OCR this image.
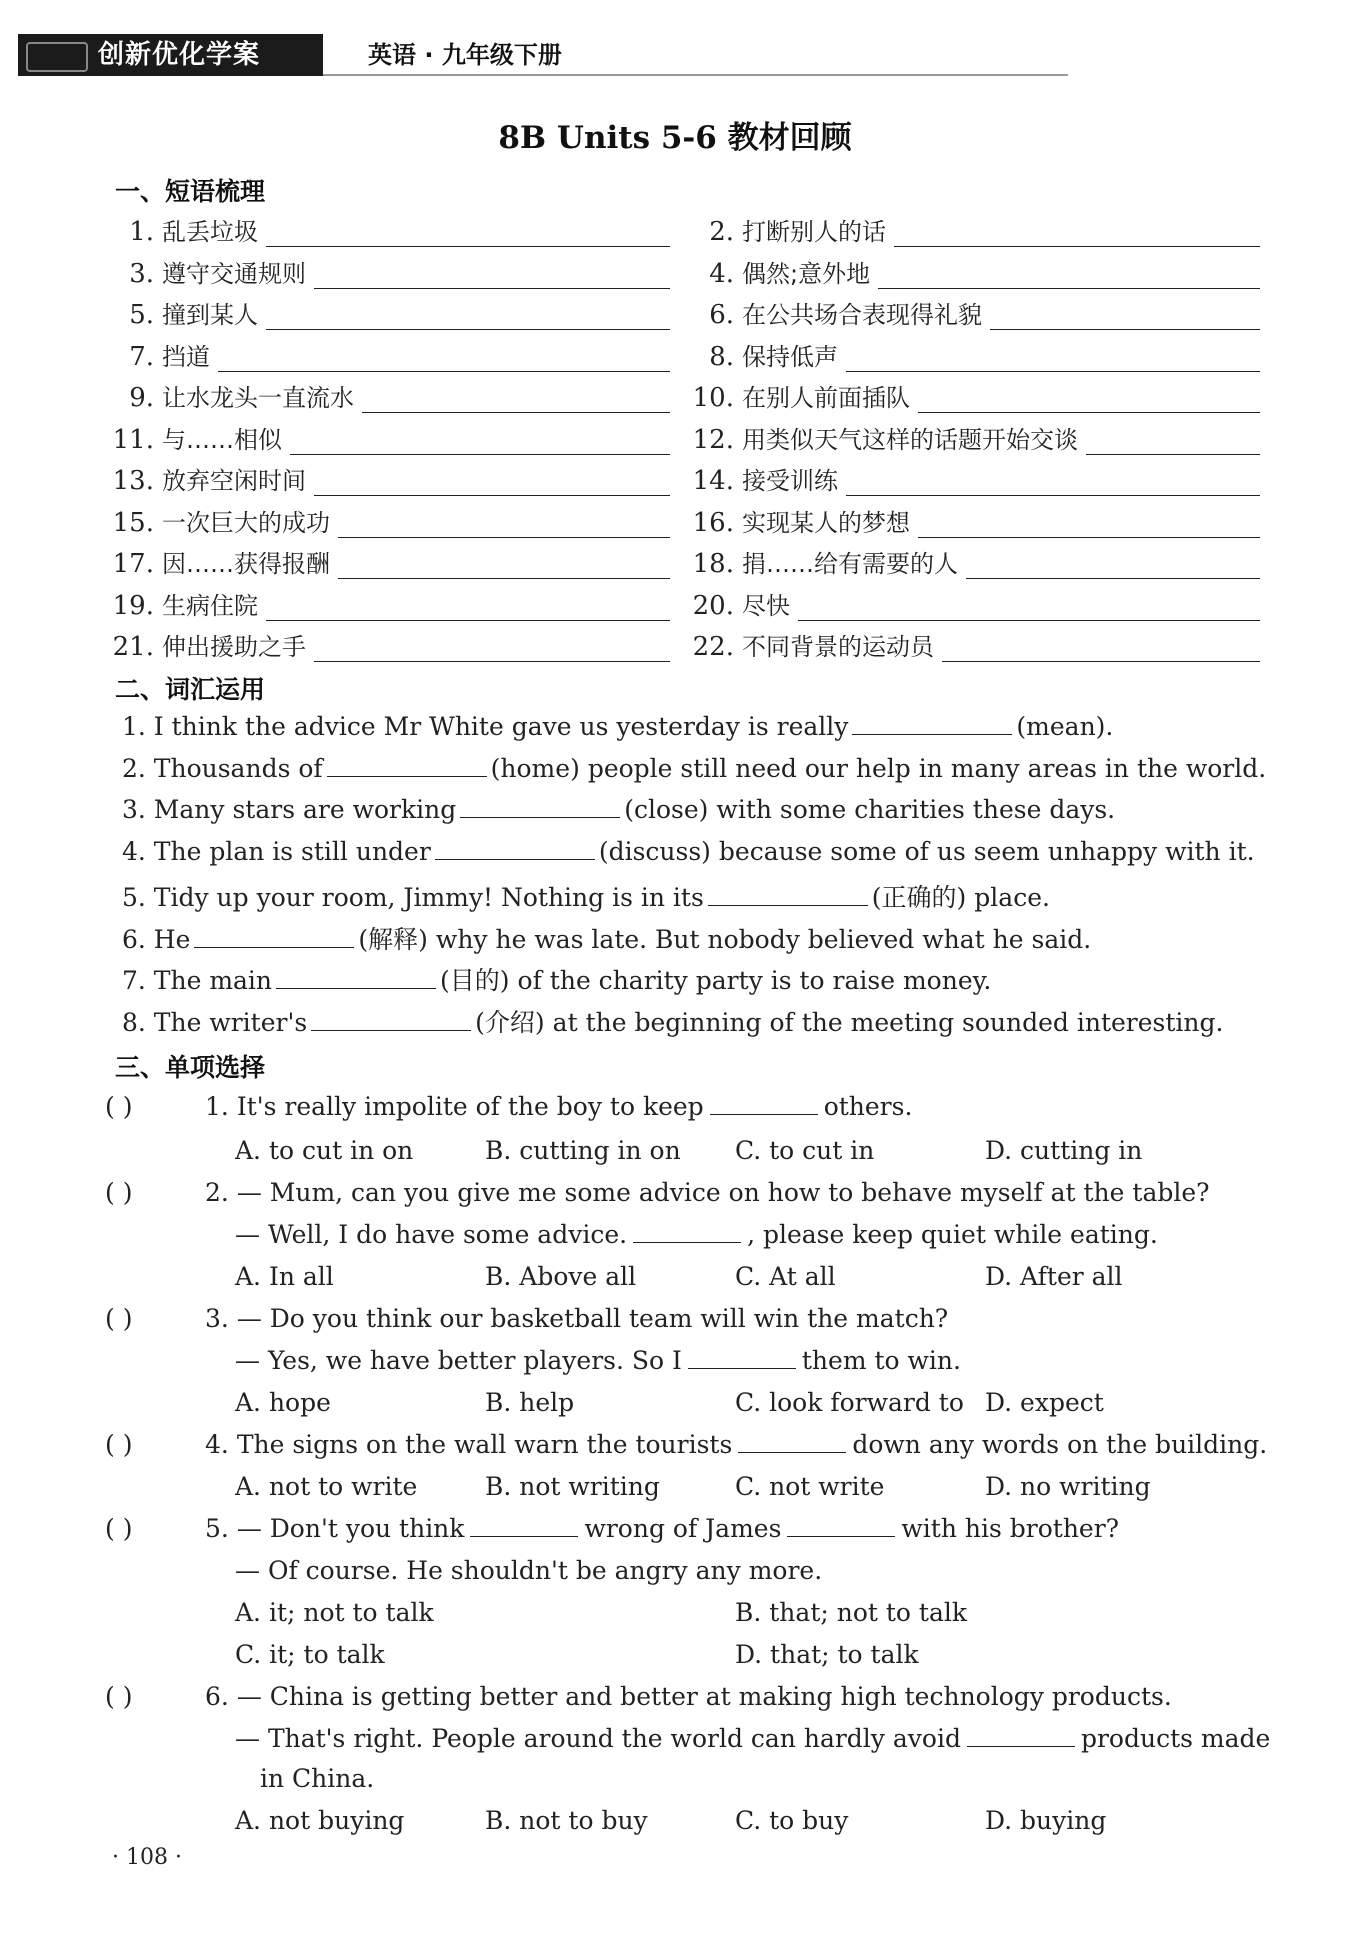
创新优化学案	英语 · 九年级下册
8B Units 5-6 教材回顾
一、短语梳理
1. 乱丢垃圾	2. 打断别人的话
3. 遵守交通规则	4. 偶然;意外地
5. 撞到某人	6. 在公共场合表现得礼貌
7. 挡道	8. 保持低声
9. 让水龙头一直流水	10. 在别人前面插队
11. 与……相似	12. 用类似天气这样的话题开始交谈
13. 放弃空闲时间	14. 接受训练
15. 一次巨大的成功	16. 实现某人的梦想
17. 因……获得报酬	18. 捐……给有需要的人
19. 生病住院	20. 尽快
21. 伸出援助之手	22. 不同背景的运动员
二、词汇运用
1. I think the advice Mr White gave us yesterday is really	(mean).
2. Thousands of	(home) people still need our help in many areas in the world.
3. Many stars are working	(close) with some charities these days.
4. The plan is still under	(discuss) because some of us seem unhappy with it.
5. Tidy up your room, Jimmy! Nothing is in its	(正确的) place.
6. He	(解释) why he was late. But nobody believed what he said.
7. The main	(目的) of the charity party is to raise money.
8. The writer's	(介绍) at the beginning of the meeting sounded interesting.
三、单项选择
( )	1. It's really impolite of the boy to keep	others.
A. to cut in on	B. cutting in on C. to cut in	D. cutting in
( )	2. — Mum, can you give me some advice on how to behave myself at the table?
— Well, I do have some advice.	, please keep quiet while eating.
A. In all	B. Above all	C. At all	D. After all
( )	3. — Do you think our basketball team will win the match?
— Yes, we have better players. So I	them to win.
A. hope	B. help	C. look forward to D. expect
( )	4. The signs on the wall warn the tourists	down any words on the building.
A. not to write	B. not writing	C. not write	D. no writing
( )	5. — Don't you think	wrong of James	with his brother?
— Of course. He shouldn't be angry any more.
A. it; not to talk	B. that; not to talk
C. it; to talk	D. that; to talk
( )	6. — China is getting better and better at making high technology products.
— That's right. People around the world can hardly avoid	products made
in China.
A. not buying	B. not to buy	C. to buy	D. buying
· 108 ·
